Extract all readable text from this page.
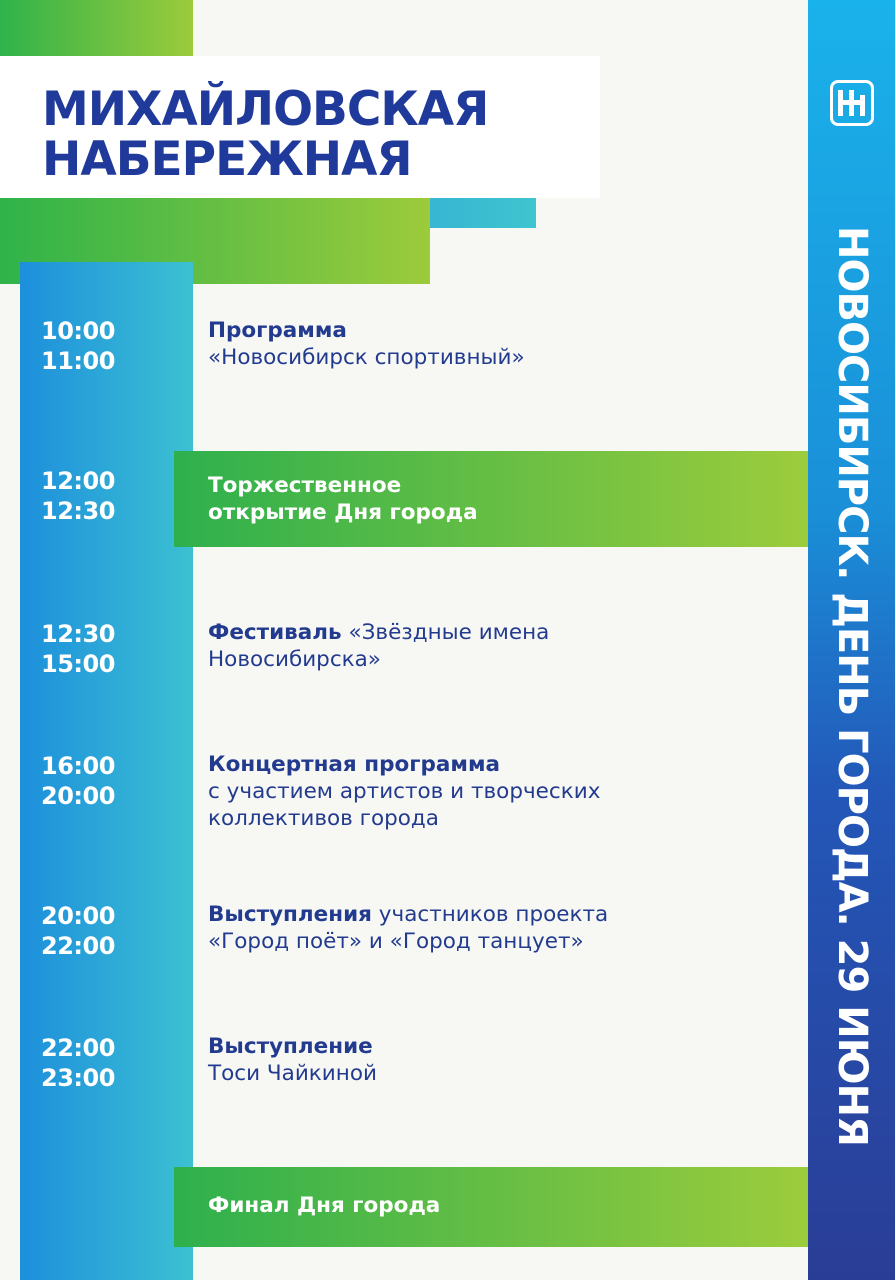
МИХАЙЛОВСКАЯ
НАБЕРЕЖНАЯ
НОВОСИБИРСК. ДЕНЬ ГОРОДА. 29 ИЮНЯ
10:00
11:00
Программа
«Новосибирск спортивный»
12:00
12:30
Торжественное
открытие Дня города
12:30
15:00
Фестиваль «Звёздные имена
Новосибирска»
16:00
20:00
Концертная программа
с участием артистов и творческих
коллективов города
20:00
22:00
Выступления участников проекта
«Город поёт» и «Город танцует»
22:00
23:00
Выступление
Тоси Чайкиной
Финал Дня города
